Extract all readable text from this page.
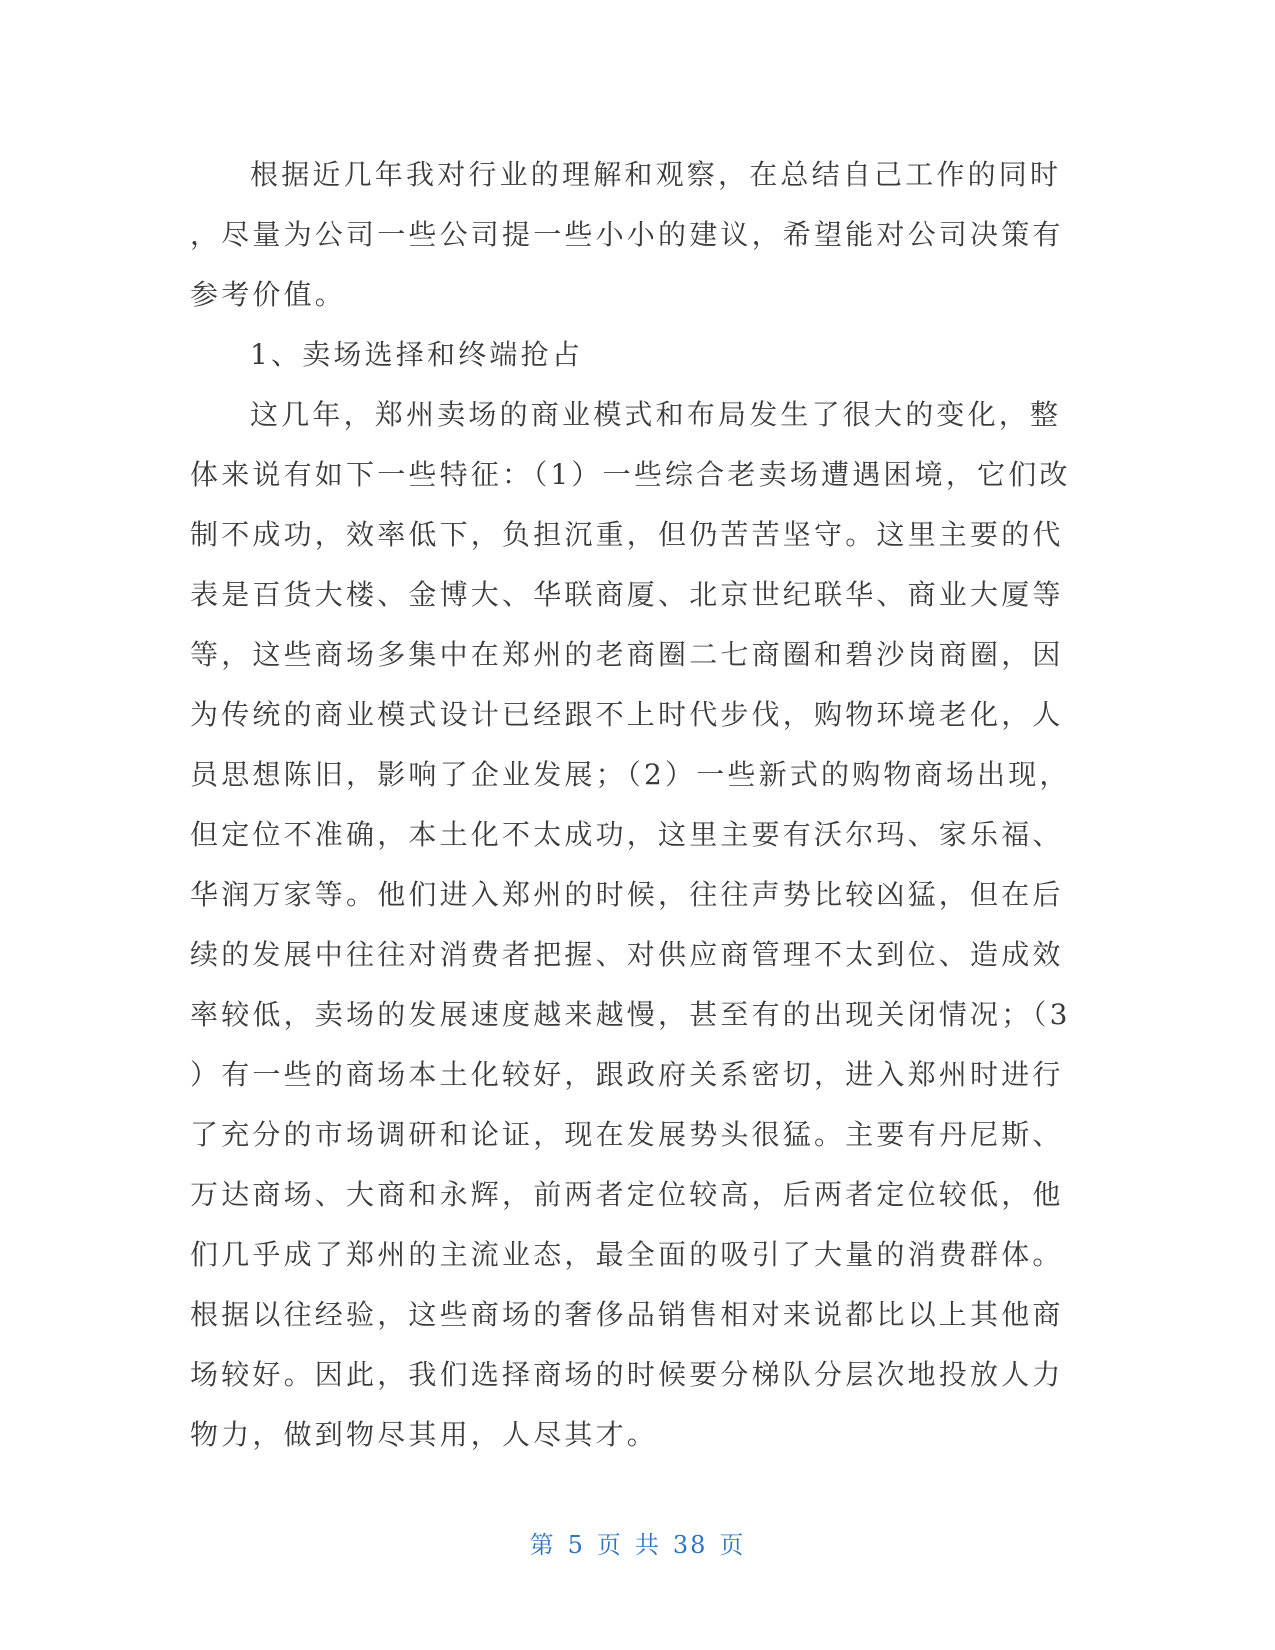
根据近几年我对行业的理解和观察，在总结自己工作的同时
，尽量为公司一些公司提一些小小的建议，希望能对公司决策有
参考价值。
1、卖场选择和终端抢占
这几年，郑州卖场的商业模式和布局发生了很大的变化，整
体来说有如下一些特征：（1）一些综合老卖场遭遇困境，它们改
制不成功，效率低下，负担沉重，但仍苦苦坚守。这里主要的代
表是百货大楼、金博大、华联商厦、北京世纪联华、商业大厦等
等，这些商场多集中在郑州的老商圈二七商圈和碧沙岗商圈，因
为传统的商业模式设计已经跟不上时代步伐，购物环境老化，人
员思想陈旧，影响了企业发展；（2）一些新式的购物商场出现，
但定位不准确，本土化不太成功，这里主要有沃尔玛、家乐福、
华润万家等。他们进入郑州的时候，往往声势比较凶猛，但在后
续的发展中往往对消费者把握、对供应商管理不太到位、造成效
率较低，卖场的发展速度越来越慢，甚至有的出现关闭情况；（3
）有一些的商场本土化较好，跟政府关系密切，进入郑州时进行
了充分的市场调研和论证，现在发展势头很猛。主要有丹尼斯、
万达商场、大商和永辉，前两者定位较高，后两者定位较低，他
们几乎成了郑州的主流业态，最全面的吸引了大量的消费群体。
根据以往经验，这些商场的奢侈品销售相对来说都比以上其他商
场较好。因此，我们选择商场的时候要分梯队分层次地投放人力
物力，做到物尽其用，人尽其才。
第 5 页 共 38 页
